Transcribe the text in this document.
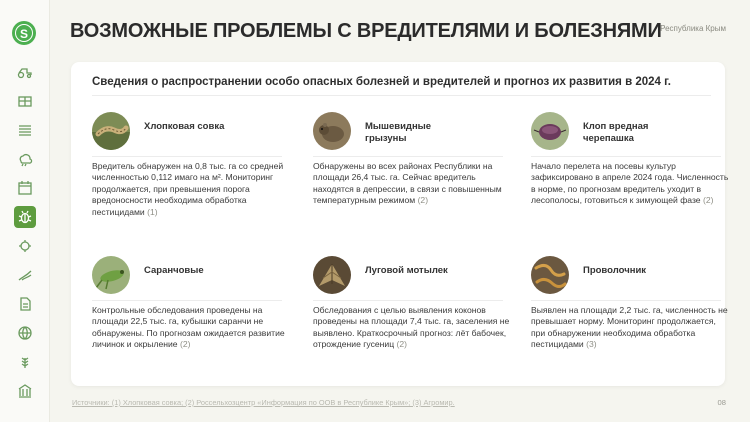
S	ВОЗМОЖНЫЕ ПРОБЛЕМЫ С ВРЕДИТЕЛЯМИ И БОЛЕЗНЯМИ
Республика Крым
Сведения о распространении особо опасных болезней и вредителей и прогноз их развития в 2024 г.
Хлопковая совка
Вредитель обнаружен на 0,8 тыс. га со средней численностью 0,112 имаго на м². Мониторинг продолжается, при превышения порога вредоносности необходима обработка пестицидами (1)
Мышевидные грызуны
Обнаружены во всех районах Республики на площади 26,4 тыс. га. Сейчас вредитель находятся в депрессии, в связи с повышенным температурным режимом (2)
Клоп вредная черепашка
Начало перелета на посевы культур зафиксировано в апреле 2024 года. Численность в норме, по прогнозам вредитель уходит в лесополосы, готовиться к зимующей фазе (2)
Саранчовые
Контрольные обследования проведены на площади 22,5 тыс. га, кубышки саранчи не обнаружены. По прогнозам ожидается развитие личинок и окрыление (2)
Луговой мотылек
Обследования с целью выявления коконов проведены на площади 7,4 тыс. га, заселения не выявлено. Краткосрочный прогноз: лёт бабочек, отрождение гусениц (2)
Проволочник
Выявлен на площади 2,2 тыс. га, численность не превышает норму. Мониторинг продолжается, при обнаружении необходима обработка пестицидами (3)
Источники: (1) Хлопковая совка; (2) Россельхозцентр «Информация по ООВ в Республике Крым»; (3) Агромир.	08
